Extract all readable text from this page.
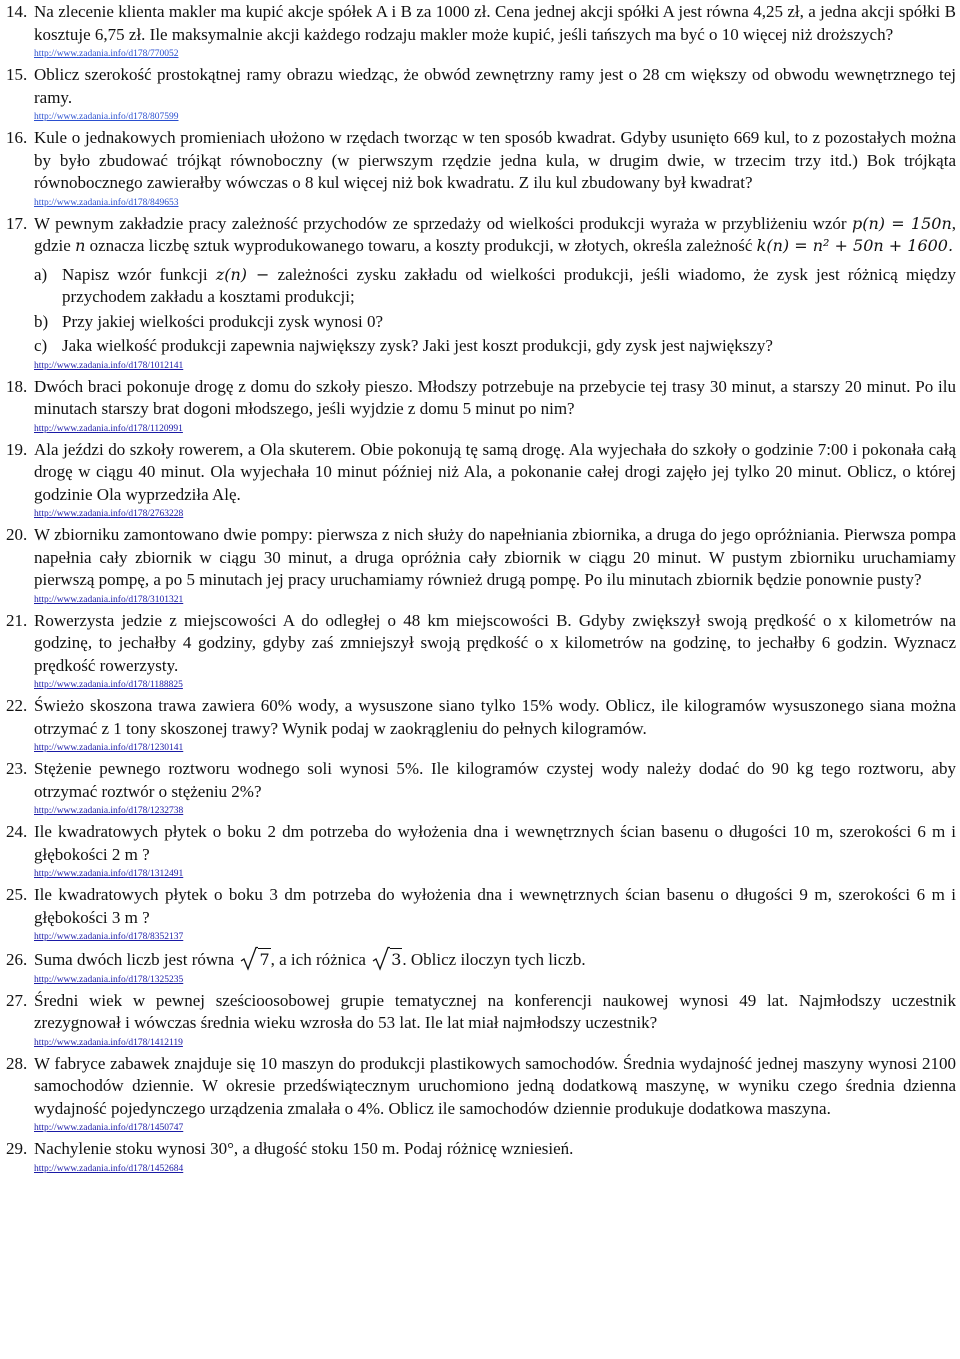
14. Na zlecenie klienta makler ma kupić akcje spółek A i B za 1000 zł. Cena jednej akcji spółki A jest równa 4,25 zł, a jedna akcji spółki B kosztuje 6,75 zł. Ile maksymalnie akcji każdego rodzaju makler może kupić, jeśli tańszych ma być o 10 więcej niż droższych?
http://www.zadania.info/d178/770052
15. Oblicz szerokość prostokątnej ramy obrazu wiedząc, że obwód zewnętrzny ramy jest o 28 cm większy od obwodu wewnętrznego tej ramy.
http://www.zadania.info/d178/807599
16. Kule o jednakowych promieniach ułożono w rzędach tworząc w ten sposób kwadrat. Gdyby usunięto 669 kul, to z pozostałych można by było zbudować trójkąt równoboczny (w pierwszym rzędzie jedna kula, w drugim dwie, w trzecim trzy itd.) Bok trójkąta równobocznego zawierałby wówczas o 8 kul więcej niż bok kwadratu. Z ilu kul zbudowany był kwadrat?
http://www.zadania.info/d178/849653
17. W pewnym zakładzie pracy zależność przychodów ze sprzedaży od wielkości produkcji wyraża w przybliżeniu wzór p(n) = 150n, gdzie n oznacza liczbę sztuk wyprodukowanego towaru, a koszty produkcji, w złotych, określa zależność k(n) = n² + 50n + 1600.
a) Napisz wzór funkcji z(n) − zależności zysku zakładu od wielkości produkcji, jeśli wiadomo, że zysk jest różnicą między przychodem zakładu a kosztami produkcji;
b) Przy jakiej wielkości produkcji zysk wynosi 0?
c) Jaka wielkość produkcji zapewnia największy zysk? Jaki jest koszt produkcji, gdy zysk jest największy?
http://www.zadania.info/d178/1012141
18. Dwóch braci pokonuje drogę z domu do szkoły pieszo. Młodszy potrzebuje na przebycie tej trasy 30 minut, a starszy 20 minut. Po ilu minutach starszy brat dogoni młodszego, jeśli wyjdzie z domu 5 minut po nim?
http://www.zadania.info/d178/1120991
19. Ala jeździ do szkoły rowerem, a Ola skuterem. Obie pokonują tę samą drogę. Ala wyjechała do szkoły o godzinie 7:00 i pokonała całą drogę w ciągu 40 minut. Ola wyjechała 10 minut później niż Ala, a pokonanie całej drogi zajęło jej tylko 20 minut. Oblicz, o której godzinie Ola wyprzedziła Alę.
http://www.zadania.info/d178/2763228
20. W zbiorniku zamontowano dwie pompy: pierwsza z nich służy do napełniania zbiornika, a druga do jego opróżniania. Pierwsza pompa napełnia cały zbiornik w ciągu 30 minut, a druga opróżnia cały zbiornik w ciągu 20 minut. W pustym zbiorniku uruchamiamy pierwszą pompę, a po 5 minutach jej pracy uruchamiamy również drugą pompę. Po ilu minutach zbiornik będzie ponownie pusty?
http://www.zadania.info/d178/3101321
21. Rowerzysta jedzie z miejscowości A do odległej o 48 km miejscowości B. Gdyby zwiększył swoją prędkość o x kilometrów na godzinę, to jechałby 4 godziny, gdyby zaś zmniejszył swoją prędkość o x kilometrów na godzinę, to jechałby 6 godzin. Wyznacz prędkość rowerzysty.
http://www.zadania.info/d178/1188825
22. Świeżo skoszona trawa zawiera 60% wody, a wysuszone siano tylko 15% wody. Oblicz, ile kilogramów wysuszonego siana można otrzymać z 1 tony skoszonej trawy? Wynik podaj w zaokrągleniu do pełnych kilogramów.
http://www.zadania.info/d178/1230141
23. Stężenie pewnego roztworu wodnego soli wynosi 5%. Ile kilogramów czystej wody należy dodać do 90 kg tego roztworu, aby otrzymać roztwór o stężeniu 2%?
http://www.zadania.info/d178/1232738
24. Ile kwadratowych płytek o boku 2 dm potrzeba do wyłożenia dna i wewnętrznych ścian basenu o długości 10 m, szerokości 6 m i głębokości 2 m ?
http://www.zadania.info/d178/1312491
25. Ile kwadratowych płytek o boku 3 dm potrzeba do wyłożenia dna i wewnętrznych ścian basenu o długości 9 m, szerokości 6 m i głębokości 3 m ?
http://www.zadania.info/d178/8352137
26. Suma dwóch liczb jest równa 7, a ich różnica 3. Oblicz iloczyn tych liczb.
http://www.zadania.info/d178/1325235
27. Średni wiek w pewnej sześcioosobowej grupie tematycznej na konferencji naukowej wynosi 49 lat. Najmłodszy uczestnik zrezygnował i wówczas średnia wieku wzrosła do 53 lat. Ile lat miał najmłodszy uczestnik?
http://www.zadania.info/d178/1412119
28. W fabryce zabawek znajduje się 10 maszyn do produkcji plastikowych samochodów. Średnia wydajność jednej maszyny wynosi 2100 samochodów dziennie. W okresie przedświątecznym uruchomiono jedną dodatkową maszynę, w wyniku czego średnia dzienna wydajność pojedynczego urządzenia zmalała o 4%. Oblicz ile samochodów dziennie produkuje dodatkowa maszyna.
http://www.zadania.info/d178/1450747
29. Nachylenie stoku wynosi 30°, a długość stoku 150 m. Podaj różnicę wzniesień.
http://www.zadania.info/d178/1452684
